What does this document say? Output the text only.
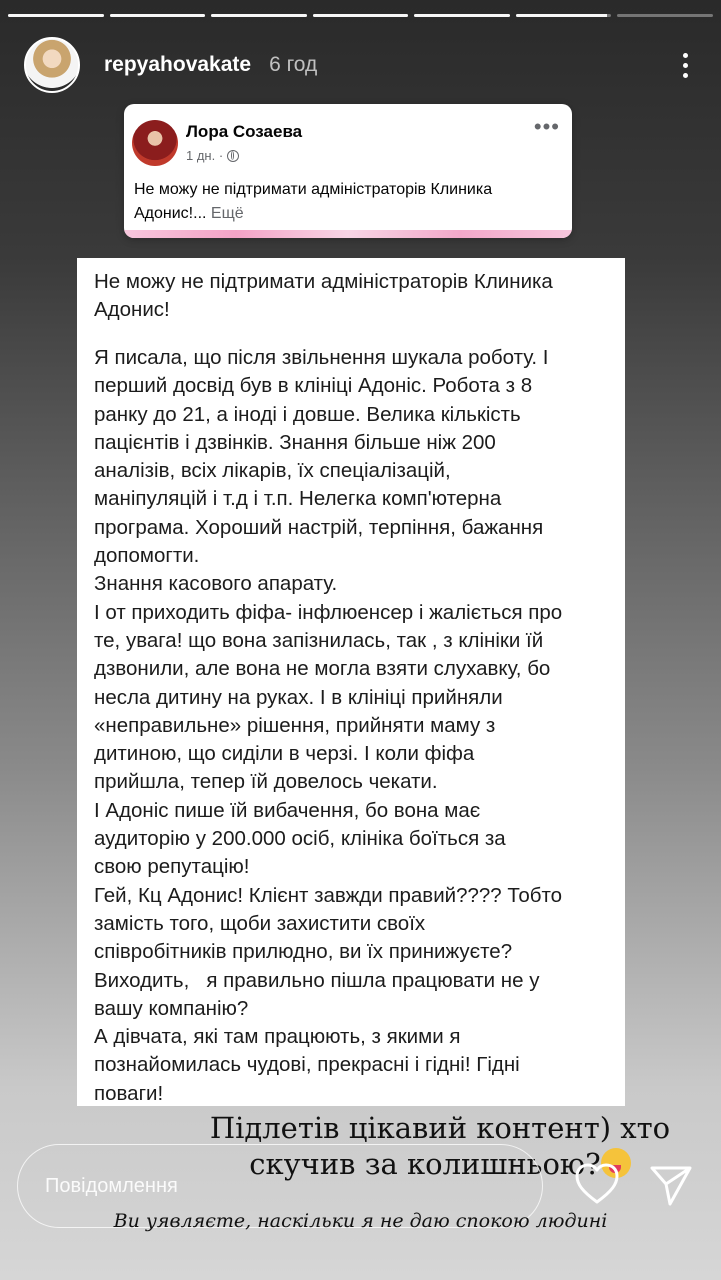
repyahovakate 6 год
Лора Созаева
1 дн. ·
•••
Не можу не підтримати адміністраторів Клиника Адонис!... Ещё

Не можу не підтримати адміністраторів Клиника
Адонис!

Я писала, що після звільнення шукала роботу. І
перший досвід був в клініці Адоніс. Робота з 8
ранку до 21, а іноді і довше. Велика кількість
пацієнтів і дзвінків. Знання більше ніж 200
аналізів, всіх лікарів, їх спеціалізацій,
маніпуляцій і т.д і т.п. Нелегка комп'ютерна
програма. Хороший настрій, терпіння, бажання
допомогти.
Знання касового апарату.
І от приходить фіфа- інфлюенсер і жаліється про
те, увага! що вона запізнилась, так , з клініки їй
дзвонили, але вона не могла взяти слухавку, бо
несла дитину на руках. І в клініці прийняли
«неправильне» рішення, прийняти маму з
дитиною, що сиділи в черзі. І коли фіфа
прийшла, тепер їй довелось чекати.
І Адоніс пише їй вибачення, бо вона має
аудиторію у 200.000 осіб, клініка боїться за
свою репутацію!
Гей, Кц Адонис! Клієнт завжди правий???? Тобто
замість того, щоби захистити своїх
співробітників прилюдно, ви їх принижуєте?
Виходить,   я правильно пішла працювати не у
вашу компанію?
А дівчата, які там працюють, з якими я
познайомилась чудові, прекрасні і гідні! Гідні
поваги!

Підлетів цікавий контент) хто
скучив за колишньою?
Повідомлення
Ви уявляєте, наскільки я не даю спокою людині
